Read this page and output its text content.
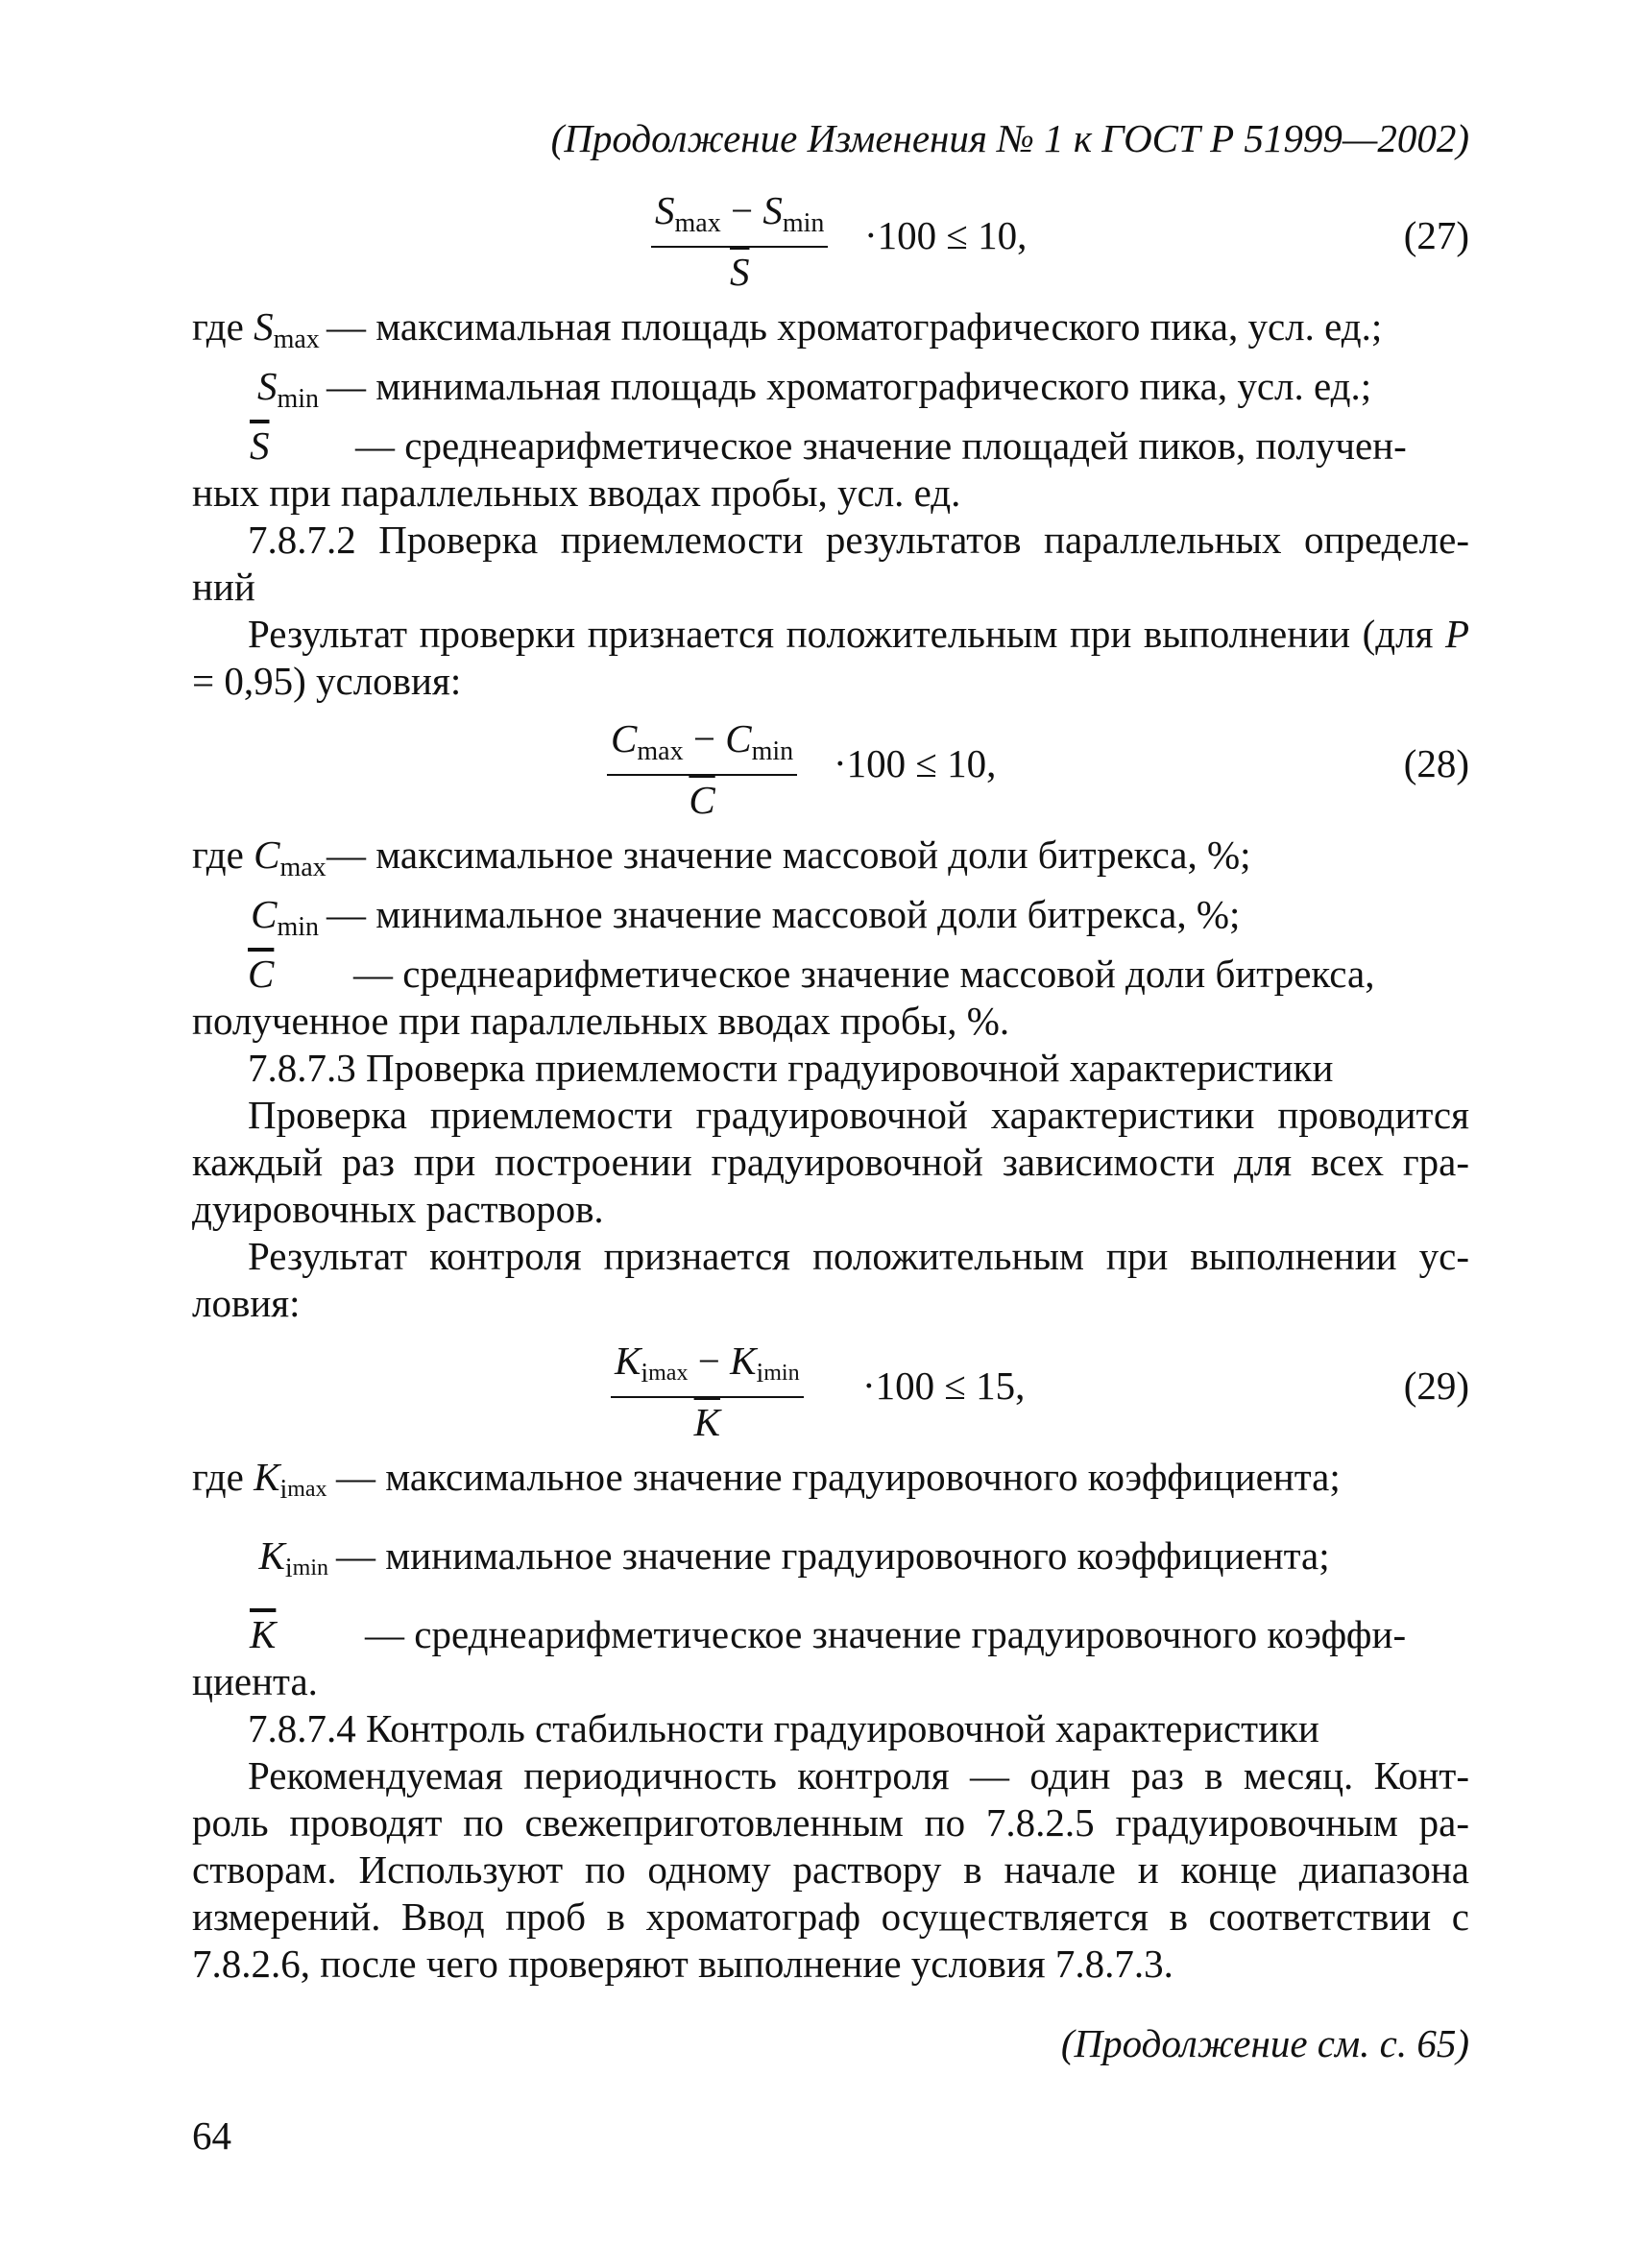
(Продолжение Изменения № 1 к ГОСТ Р 51999—2002)
$S_{max} - S_{min}$
$\overline{S}$
·100 ≤ 10,	(27)
где $S_{max}$ — максимальная площадь хроматографического пика, усл. ед.;
$S_{min}$ — минимальная площадь хроматографического пика, усл. ед.;
$\overline{S}$	— среднеарифметическое значение площадей пиков, получен-

ных при параллельных вводах пробы, усл. ед.

7.8.7.2 Проверка приемлемости результатов параллельных определе- ний

Результат проверки признается положительным при выполнении (для P = 0,95) условия:

$C_{max} - C_{min}$
$\overline{C}$
·100 ≤ 10,	(28)
где $C_{max}$ — максимальное значение массовой доли битрекса, %;
$C_{min}$ — минимальное значение массовой доли битрекса, %;
$\overline{C}$	— среднеарифметическое значение массовой доли битрекса,

полученное при параллельных вводах пробы, %.

7.8.7.3 Проверка приемлемости градуировочной характеристики

Проверка приемлемости градуировочной характеристики проводится каждый раз при построении градуировочной зависимости для всех гра- дуировочных растворов.

Результат контроля признается положительным при выполнении ус- ловия:

$K_i\max - K_i\min$
$\overline{K}$
·100 ≤ 15,	(29)
где $K_i\max$ — максимальное значение градуировочного коэффициента;
$K_i\min$ — минимальное значение градуировочного коэффициента;
$\overline{K}$	— среднеарифметическое значение градуировочного коэффи-

циента.

7.8.7.4 Контроль стабильности градуировочной характеристики

Рекомендуемая периодичность контроля — один раз в месяц. Конт- роль проводят по свежеприготовленным по 7.8.2.5 градуировочным ра- створам. Используют по одному раствору в начале и конце диапазона измерений. Ввод проб в хроматограф осуществляется в соответствии с 7.8.2.6, после чего проверяют выполнение условия 7.8.7.3.

(Продолжение см. с. 65)
64
